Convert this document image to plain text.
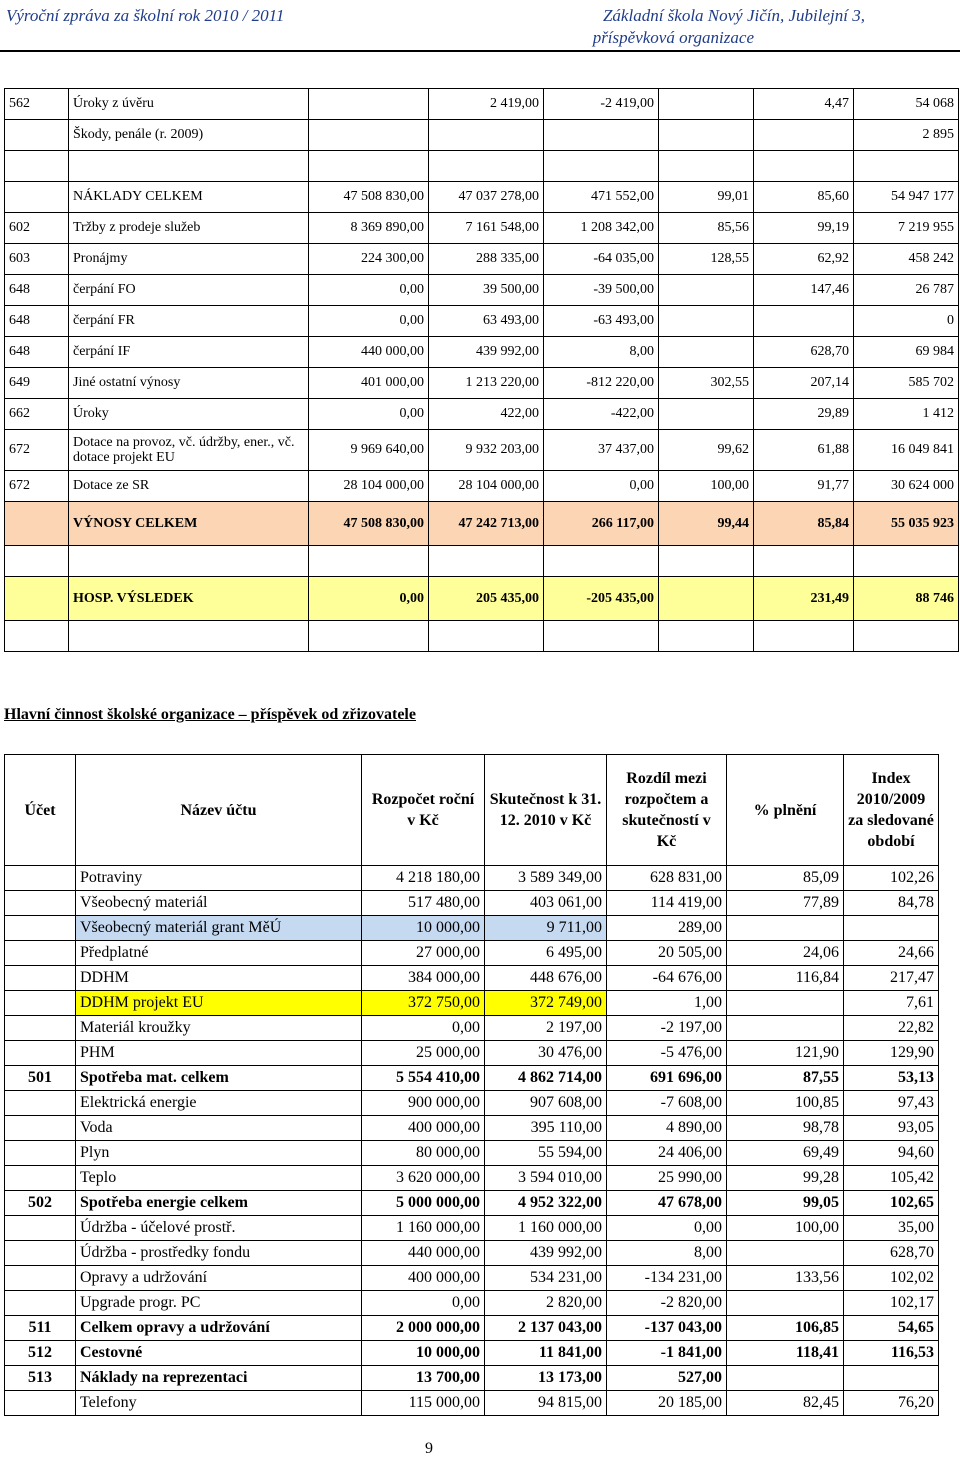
Výroční zpráva za školní rok 2010 / 2011	Základní škola Nový Jičín, Jubilejní 3,
příspěvková organizace
562	Úroky z úvěru		2 419,00	-2 419,00		4,47	54 068
	Škody, penále (r. 2009)						2 895

	NÁKLADY CELKEM	47 508 830,00	47 037 278,00	471 552,00	99,01	85,60	54 947 177
602	Tržby z prodeje služeb	8 369 890,00	7 161 548,00	1 208 342,00	85,56	99,19	7 219 955
603	Pronájmy	224 300,00	288 335,00	-64 035,00	128,55	62,92	458 242
648	čerpání FO	0,00	39 500,00	-39 500,00		147,46	26 787
648	čerpání FR	0,00	63 493,00	-63 493,00			0
648	čerpání IF	440 000,00	439 992,00	8,00		628,70	69 984
649	Jiné ostatní výnosy	401 000,00	1 213 220,00	-812 220,00	302,55	207,14	585 702
662	Úroky	0,00	422,00	-422,00		29,89	1 412
672	Dotace na provoz, vč. údržby, ener., vč. dotace projekt EU	9 969 640,00	9 932 203,00	37 437,00	99,62	61,88	16 049 841
672	Dotace ze SR	28 104 000,00	28 104 000,00	0,00	100,00	91,77	30 624 000
	VÝNOSY CELKEM	47 508 830,00	47 242 713,00	266 117,00	99,44	85,84	55 035 923

	HOSP. VÝSLEDEK	0,00	205 435,00	-205 435,00		231,49	88 746

Hlavní činnost školské organizace – příspěvek od zřizovatele
Účet	Název účtu	Rozpočet roční v Kč	Skutečnost k 31. 12. 2010 v Kč	Rozdíl mezi rozpočtem a skutečností v Kč	% plnění	Index 2010/2009 za sledované období
	Potraviny	4 218 180,00	3 589 349,00	628 831,00	85,09	102,26
	Všeobecný materiál	517 480,00	403 061,00	114 419,00	77,89	84,78
	Všeobecný materiál grant MěÚ	10 000,00	9 711,00	289,00		
	Předplatné	27 000,00	6 495,00	20 505,00	24,06	24,66
	DDHM	384 000,00	448 676,00	-64 676,00	116,84	217,47
	DDHM projekt EU	372 750,00	372 749,00	1,00		7,61
	Materiál kroužky	0,00	2 197,00	-2 197,00		22,82
	PHM	25 000,00	30 476,00	-5 476,00	121,90	129,90
501	Spotřeba mat. celkem	5 554 410,00	4 862 714,00	691 696,00	87,55	53,13
	Elektrická energie	900 000,00	907 608,00	-7 608,00	100,85	97,43
	Voda	400 000,00	395 110,00	4 890,00	98,78	93,05
	Plyn	80 000,00	55 594,00	24 406,00	69,49	94,60
	Teplo	3 620 000,00	3 594 010,00	25 990,00	99,28	105,42
502	Spotřeba energie celkem	5 000 000,00	4 952 322,00	47 678,00	99,05	102,65
	Údržba - účelové prostř.	1 160 000,00	1 160 000,00	0,00	100,00	35,00
	Údržba - prostředky fondu	440 000,00	439 992,00	8,00		628,70
	Opravy a udržování	400 000,00	534 231,00	-134 231,00	133,56	102,02
	Upgrade progr. PC	0,00	2 820,00	-2 820,00		102,17
511	Celkem opravy a udržování	2 000 000,00	2 137 043,00	-137 043,00	106,85	54,65
512	Cestovné	10 000,00	11 841,00	-1 841,00	118,41	116,53
513	Náklady na reprezentaci	13 700,00	13 173,00	527,00		
	Telefony	115 000,00	94 815,00	20 185,00	82,45	76,20
9
